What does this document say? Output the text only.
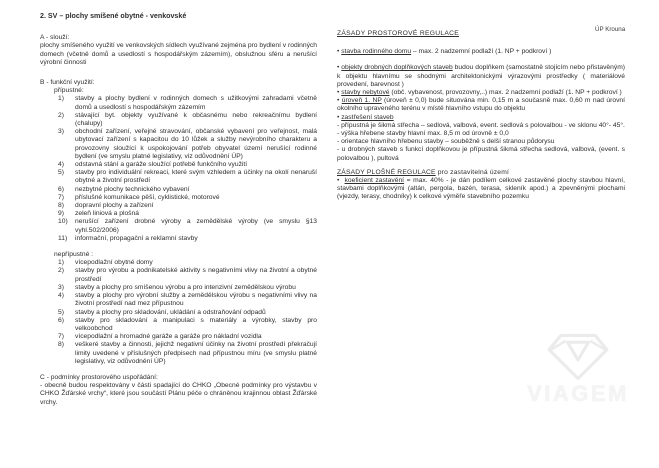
ÚP Krouna
2. SV – plochy smíšené obytné - venkovské
A - slouží:
plochy smíšeného využití ve venkovských sídlech využívané zejména pro bydlení v rodinných domech (včetně domů a usedlostí s hospodářským zázemím), obslužnou sféru a nerušící výrobní činnosti
B - funkční využití:
přípustné:
1)	stavby a plochy bydlení v rodinných domech s užitkovými zahradami včetně domů a usedlostí s hospodářským zázemím
2)	stávající byt. objekty využívané k občasnému nebo rekreačnímu bydlení (chalupy)
3)	obchodní zařízení, veřejné stravování, občanské vybavení pro veřejnost, malá ubytovací zařízení s kapacitou do 10 lůžek a služby nevýrobního charakteru a provozovny sloužící k uspokojování potřeb obyvatel území nerušící rodinné bydlení (ve smyslu platné legislativy, viz odůvodnění ÚP)
4)	odstavná stání a garáže sloužící potřebě funkčního využití
5)	stavby pro individuální rekreaci, které svým vzhledem a účinky na okolí nenaruší obytné a životní prostředí
6)	nezbytné plochy technického vybavení
7)	příslušné komunikace pěší, cyklistické, motorové
8)	dopravní plochy a zařízení
9)	zeleň liniová a plošná
10)	nerušící zařízení drobné výroby a zemědělské výroby (ve smyslu §13 vyhl.502/2006)
11)	informační, propagační a reklamní stavby
nepřípustné :
1)	vícepodlažní obytné domy
2)	stavby pro výrobu a podnikatelské aktivity s negativními vlivy na životní a obytné prostředí
3)	stavby a plochy pro smíšenou výrobu a pro intenzivní zemědělskou výrobu
4)	stavby a plochy pro výrobní služby a zemědělskou výrobu s negativními vlivy na životní prostředí nad mez přípustnou
5)	stavby a plochy pro skladování, ukládání a odstraňování odpadů
6)	stavby pro skladování a manipulaci s materiály a výrobky, stavby pro velkoobchod
7)	vícepodlažní a hromadné garáže a garáže pro nákladní vozidla
8)	veškeré stavby a činnosti, jejichž negativní účinky na životní prostředí překračují limity uvedené v příslušných předpisech nad přípustnou míru (ve smyslu platné legislativy, viz odůvodnění ÚP)
C - podmínky prostorového uspořádání:
- obecně budou respektovány v části spadající do CHKO „Obecné podmínky pro výstavbu v CHKO Žďárské vrchy“, které jsou součástí Plánu péče o chráněnou krajinnou oblast Žďárské vrchy.
ZÁSADY PROSTOROVÉ REGULACE

• stavba rodinného domu – max. 2 nadzemní podlaží (1. NP + podkroví )

• objekty drobných doplňkových staveb budou doplňkem (samostatně stojícím nebo přistavěným) k objektu hlavnímu se shodnými architektonickými výrazovými prostředky ( materiálové provedení, barevnost )

• stavby nebytové (obč. vybavenost, provozovny,..) max. 2 nadzemní podlaží (1. NP + podkroví )

• úroveň 1. NP (úroveň ± 0,0) bude situována min. 0,15 m a současně max. 0,60 m nad úrovní okolního upraveného terénu v místě hlavního vstupu do objektu

• zastřešení staveb

- přípustná je šikmá střecha – sedlová, valbová, event. sedlová s polovalbou - ve sklonu 40°- 45°.

- výška hřebene stavby hlavní max. 8,5 m od úrovně ± 0,0

- orientace hlavního hřebenu stavby – souběžně s delší stranou půdorysu

- u drobných staveb s funkcí doplňkovou je přípustná šikmá střecha sedlová, valbová, (event. s polovalbou ), pultová

ZÁSADY PLOŠNÉ REGULACE pro zastavitelná území

• koeficient zastavění = max. 40% - je dán podílem celkové zastavěné plochy stavbou hlavní, stavbami doplňkovými (altán, pergola, bazén, terasa, skleník apod.) a zpevněnými plochami (vjezdy, terasy, chodníky) k celkové výměře stavebního pozemku

VIAGEM
